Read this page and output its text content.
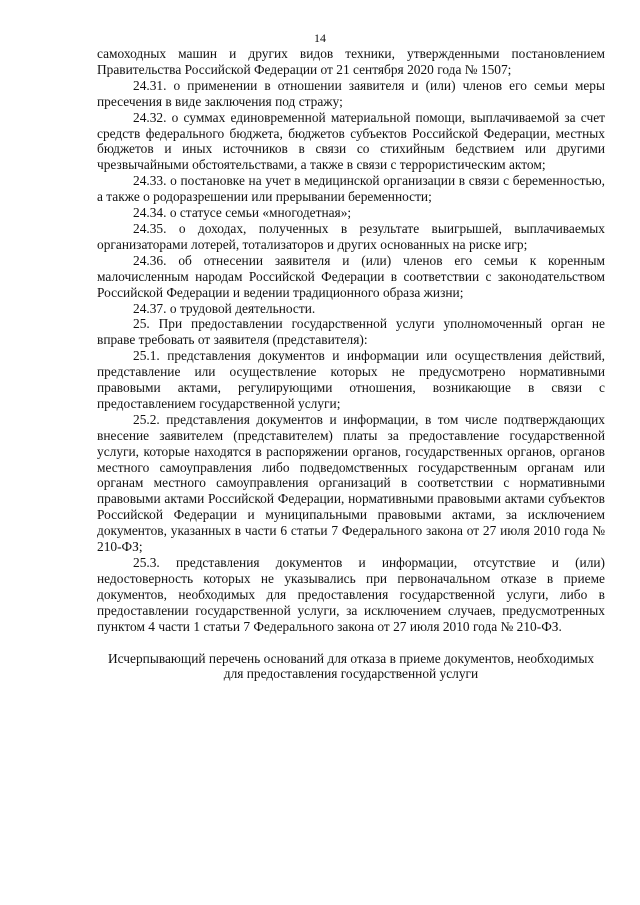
14

самоходных машин и других видов техники, утвержденными постановлением Правительства Российской Федерации от 21 сентября 2020 года № 1507;

24.31. о применении в отношении заявителя и (или) членов его семьи меры пресечения в виде заключения под стражу;

24.32. о суммах единовременной материальной помощи, выплачиваемой за счет средств федерального бюджета, бюджетов субъектов Российской Федерации, местных бюджетов и иных источников в связи со стихийным бедствием или другими чрезвычайными обстоятельствами, а также в связи с террористическим актом;

24.33. о постановке на учет в медицинской организации в связи с беременностью, а также о родоразрешении или прерывании беременности;

24.34. о статусе семьи «многодетная»;

24.35. о доходах, полученных в результате выигрышей, выплачиваемых организаторами лотерей, тотализаторов и других основанных на риске игр;

24.36. об отнесении заявителя и (или) членов его семьи к коренным малочисленным народам Российской Федерации в соответствии с законодательством Российской Федерации и ведении традиционного образа жизни;

24.37. о трудовой деятельности.

25. При предоставлении государственной услуги уполномоченный орган не вправе требовать от заявителя (представителя):

25.1. представления документов и информации или осуществления действий, представление или осуществление которых не предусмотрено нормативными правовыми актами, регулирующими отношения, возникающие в связи с предоставлением государственной услуги;

25.2. представления документов и информации, в том числе подтверждающих внесение заявителем (представителем) платы за предоставление государственной услуги, которые находятся в распоряжении органов, государственных органов, органов местного самоуправления либо подведомственных государственным органам или органам местного самоуправления организаций в соответствии с нормативными правовыми актами Российской Федерации, нормативными правовыми актами субъектов Российской Федерации и муниципальными правовыми актами, за исключением документов, указанных в части 6 статьи 7 Федерального закона от 27 июля 2010 года № 210-ФЗ;

25.3. представления документов и информации, отсутствие и (или) недостоверность которых не указывались при первоначальном отказе в приеме документов, необходимых для предоставления государственной услуги, либо в предоставлении государственной услуги, за исключением случаев, предусмотренных пунктом 4 части 1 статьи 7 Федерального закона от 27 июля 2010 года № 210-ФЗ.

Исчерпывающий перечень оснований для отказа в приеме документов, необходимых для предоставления государственной услуги
